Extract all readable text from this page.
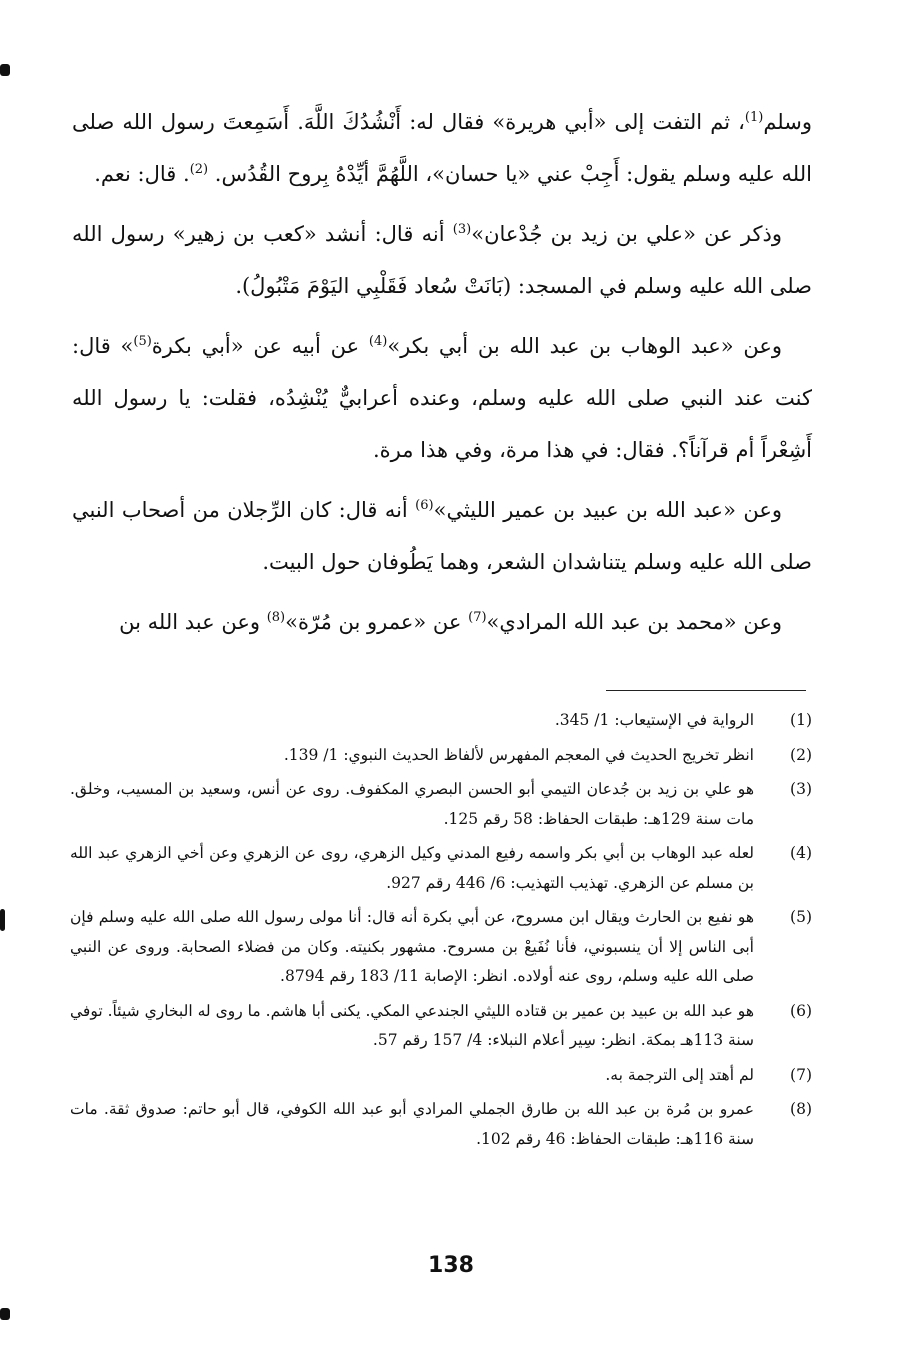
وسلم$^{(1)}$، ثم التفت إلى «أبي هريرة» فقال له: أَنْشُدُكَ اللَّهَ. أَسَمِعتَ رسول الله صلى الله عليه وسلم يقول: أَجِبْ عني «يا حسان»، اللَّهُمَّ أيِّدْهُ بِروح القُدُس. $^{(2)}$. قال: نعم.

وذكر عن «علي بن زيد بن جُدْعان»$^{(3)}$ أنه قال: أنشد «كعب بن زهير» رسول الله صلى الله عليه وسلم في المسجد: (بَانَتْ سُعاد فَقَلْبِي اليَوْمَ مَتْبُولُ).

وعن «عبد الوهاب بن عبد الله بن أبي بكر»$^{(4)}$ عن أبيه عن «أبي بكرة$^{(5)}$» قال: كنت عند النبي صلى الله عليه وسلم، وعنده أعرابيٌّ يُنْشِدُه، فقلت: يا رسول الله أَشِعْراً أم قرآناً؟. فقال: في هذا مرة، وفي هذا مرة.

وعن «عبد الله بن عبيد بن عمير الليثي»$^{(6)}$ أنه قال: كان الرِّجلان من أصحاب النبي صلى الله عليه وسلم يتناشدان الشعر، وهما يَطُوفان حول البيت.

وعن «محمد بن عبد الله المرادي»$^{(7)}$ عن «عمرو بن مُرّة»$^{(8)}$ وعن عبد الله بن

(1)
الرواية في الإستيعاب: 1/ 345.
(2)
انظر تخريج الحديث في المعجم المفهرس لألفاظ الحديث النبوي: 1/ 139.
(3)
هو علي بن زيد بن جُدعان التيمي أبو الحسن البصري المكفوف. روى عن أنس، وسعيد بن المسيب، وخلق. مات سنة 129هـ: طبقات الحفاظ: 58 رقم 125.
(4)
لعله عبد الوهاب بن أبي بكر واسمه رفيع المدني وكيل الزهري، روى عن الزهري وعن أخي الزهري عبد الله بن مسلم عن الزهري. تهذيب التهذيب: 6/ 446 رقم 927.
(5)
هو نفيع بن الحارث ويقال ابن مسروح، عن أبي بكرة أنه قال: أنا مولى رسول الله صلى الله عليه وسلم فإن أبى الناس إلا أن ينسبوني، فأنا نُفَيعْ بن مسروح. مشهور بكنيته. وكان من فضلاء الصحابة. وروى عن النبي صلى الله عليه وسلم، روى عنه أولاده. انظر: الإصابة 11/ 183 رقم 8794.
(6)
هو عبد الله بن عبيد بن عمير بن قتاده الليثي الجندعي المكي. يكنى أبا هاشم. ما روى له البخاري شيئاً. توفي سنة 113هـ بمكة. انظر: سِير أعلام النبلاء: 4/ 157 رقم 57.
(7)
لم أهتد إلى الترجمة به.
(8)
عمرو بن مُرة بن عبد الله بن طارق الجملي المرادي أبو عبد الله الكوفي، قال أبو حاتم: صدوق ثقة. مات سنة 116هـ: طبقات الحفاظ: 46 رقم 102.
138
